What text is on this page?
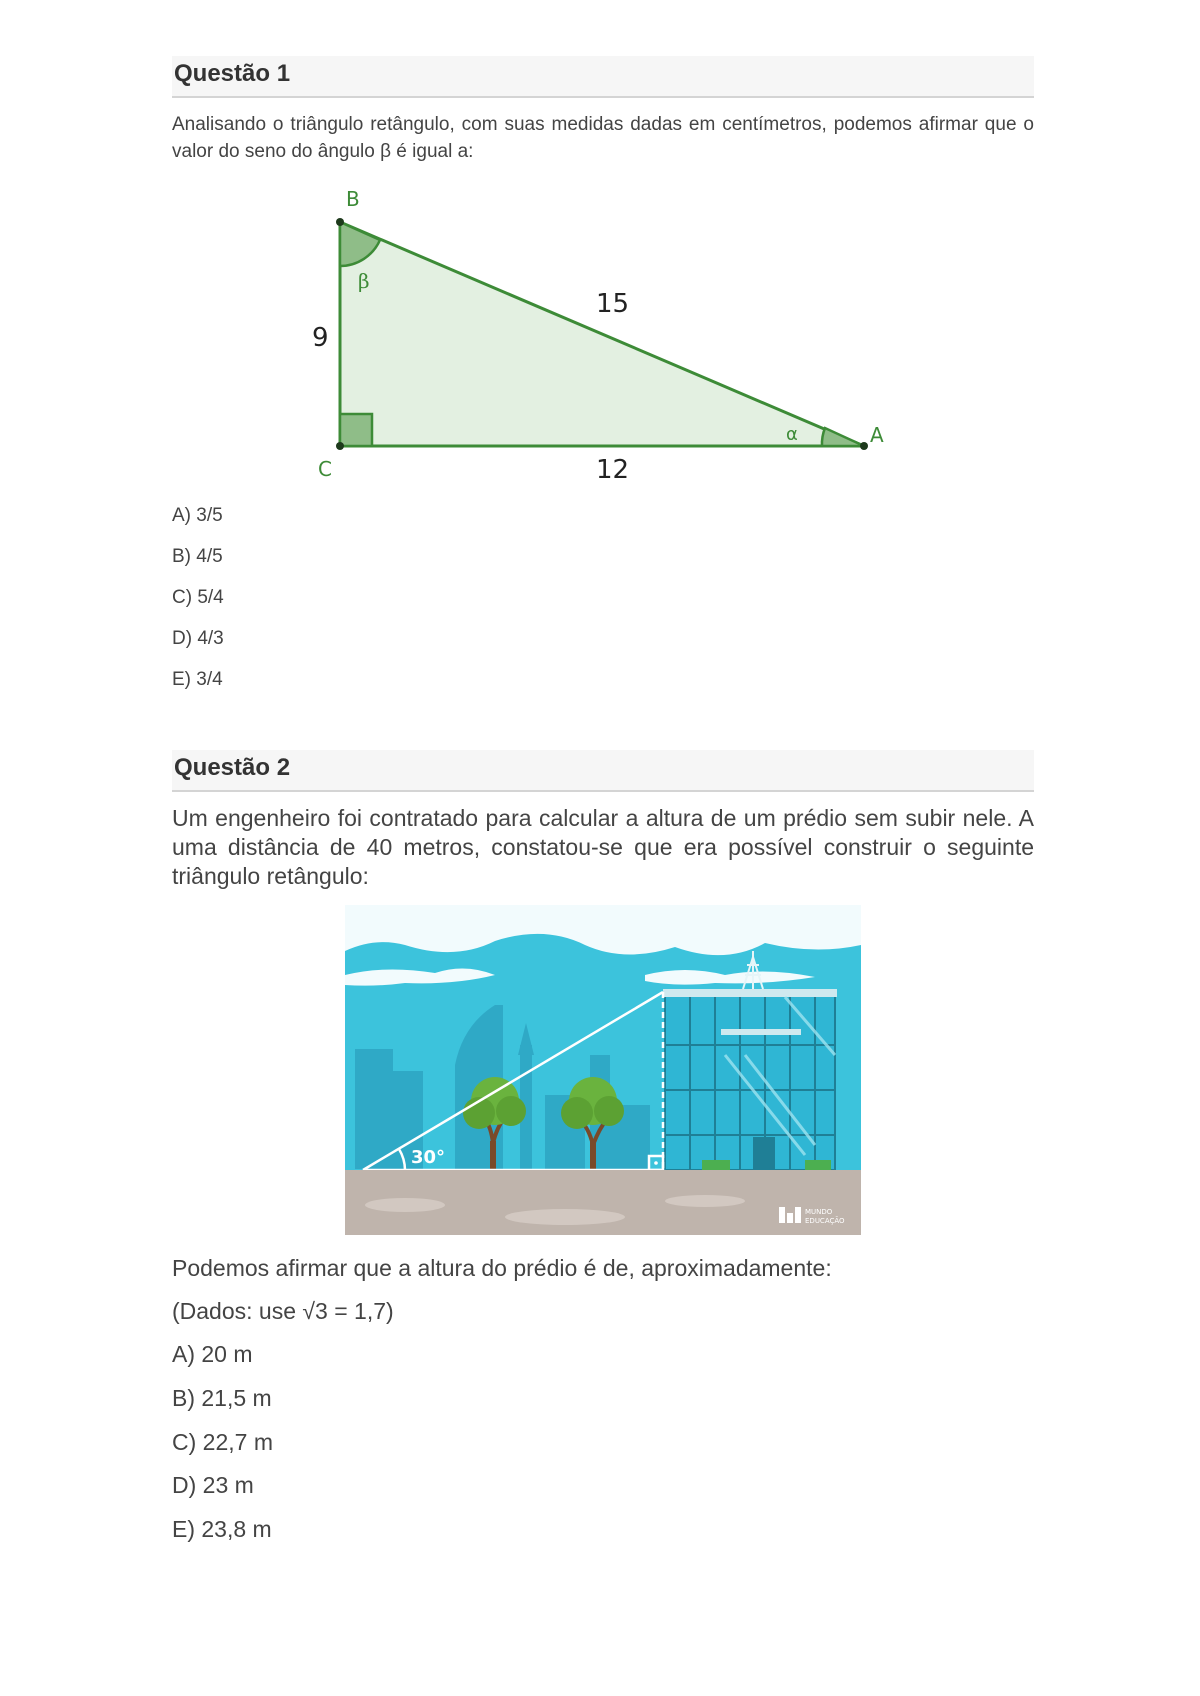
Questão 1
Analisando o triângulo retângulo, com suas medidas dadas em centímetros, podemos afirmar que o valor do seno do ângulo β é igual a:
B
C
A
β
α
9
15
12
A) 3/5
B) 4/5
C) 5/4
D) 4/3
E) 3/4
Questão 2
Um engenheiro foi contratado para calcular a altura de um prédio sem subir nele. A uma distância de 40 metros, constatou-se que era possível construir o seguinte triângulo retângulo:
30°
MUNDO
EDUCAÇÃO
Podemos afirmar que a altura do prédio é de, aproximadamente:
(Dados: use √3 = 1,7)
A) 20 m
B) 21,5 m
C) 22,7 m
D) 23 m
E) 23,8 m
